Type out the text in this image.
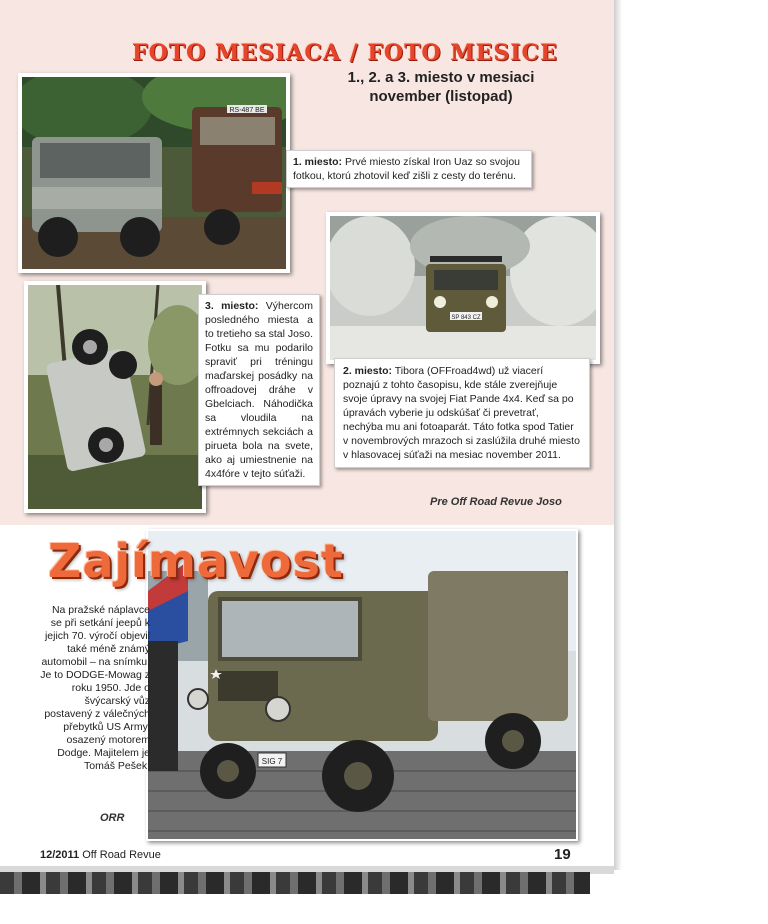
FOTO MESIACA / FOTO MESICE
1., 2. a 3. miesto v mesiaci november (listopad)
RS-487 BE
1. miesto: Prvé miesto získal Iron Uaz so svojou fotkou, ktorú zhotovil keď zišli z cesty do terénu.
SP 843 CZ
2. miesto: Tibora (OFFroad4wd) už viacerí poznajú z tohto časopisu, kde stále zverejňuje svoje úpravy na svojej Fiat Pande 4x4. Keď sa po úpravách vyberie ju odskúšať či prevetrať, nechýba mu ani fotoaparát. Táto fotka spod Tatier v novembrových mrazoch si zaslúžila druhé miesto v hlasovacej súťaži na mesiac november 2011.
3. miesto: Výhercom posledného miesta a to tretieho sa stal Joso. Fotku sa mu podarilo spraviť pri tréningu maďarskej posádky na offroadovej dráhe v Gbelciach. Náhodička sa vloudila na extrémnych sekciách a pirueta bola na svete, ako aj umiestnenie na 4x4fóre v tejto súťaži.
Pre Off Road Revue Joso
SIG 7
Zajímavost
Na pražské náplavce se při setkání jeepů k jejich 70. výročí objevil také méně známý automobil – na snímku. Je to DODGE-Mowag z roku 1950. Jde o švýcarský vůz postavený z válečných přebytků US Army, osazený motorem Dodge. Majitelem je Tomáš Pešek.
ORR
12/2011 Off Road Revue	19
